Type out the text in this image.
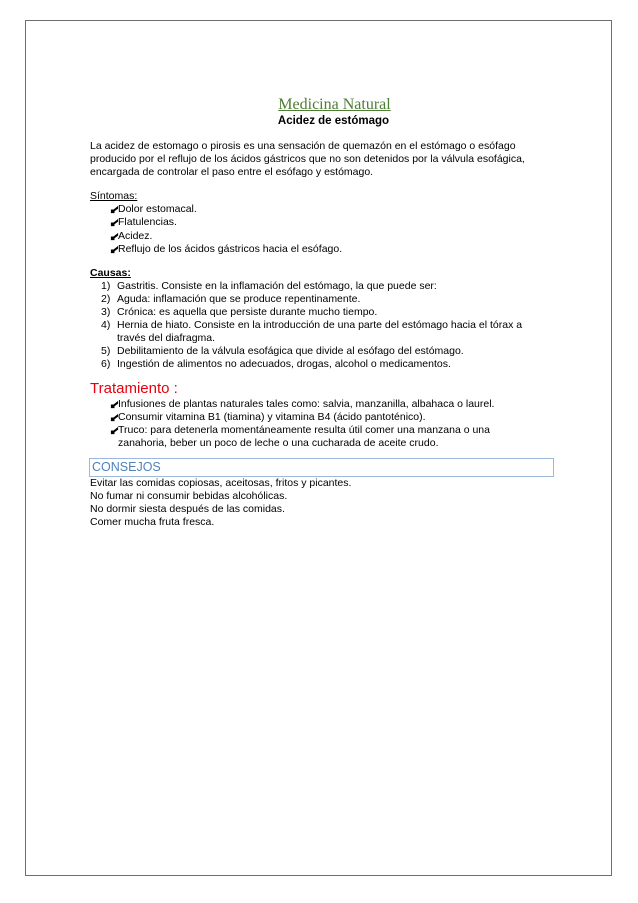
Medicina Natural
Acidez de estómago
La acidez de estomago o pirosis es una sensación de quemazón en el estómago o esófago
producido por el reflujo de los ácidos gástricos que no son detenidos por la válvula esofágica,
encargada de controlar el paso entre el esófago y estómago.
Síntomas:
Dolor estomacal.
Flatulencias.
Acidez.
Reflujo de los ácidos gástricos hacia el esófago.
Causas:
1) Gastritis. Consiste en la inflamación del estómago, la que puede ser:
2) Aguda: inflamación que se produce repentinamente.
3) Crónica: es aquella que persiste durante mucho tiempo.
4) Hernia de hiato. Consiste en la introducción de una parte del estómago hacia el tórax a
través del diafragma.
5) Debilitamiento de la válvula esofágica que divide al esófago del estómago.
6) Ingestión de alimentos no adecuados, drogas, alcohol o medicamentos.
Tratamiento :
Infusiones de plantas naturales tales como: salvia, manzanilla, albahaca o laurel.
Consumir vitamina B1 (tiamina) y vitamina B4 (ácido pantoténico).
Truco: para detenerla momentáneamente resulta útil comer una manzana o una
zanahoria, beber un poco de leche o una cucharada de aceite crudo.
CONSEJOS
Evitar las comidas copiosas, aceitosas, fritos y picantes.
No fumar ni consumir bebidas alcohólicas.
No dormir siesta después de las comidas.
Comer mucha fruta fresca.
